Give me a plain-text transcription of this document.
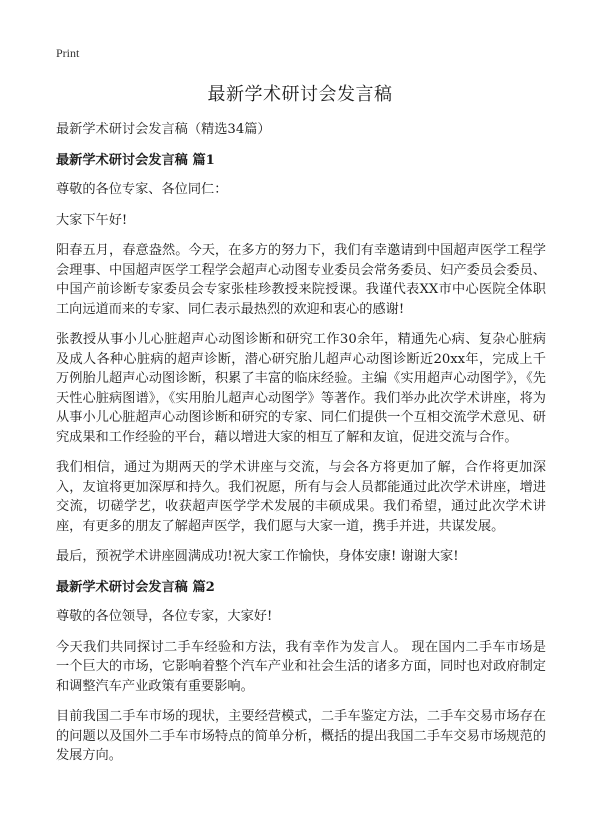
Print
最新学术研讨会发言稿

最新学术研讨会发言稿（精选34篇）

最新学术研讨会发言稿 篇1

尊敬的各位专家、各位同仁：

大家下午好!

阳春五月，春意盎然。今天，在多方的努力下，我们有幸邀请到中国超声医学工程学会理事、中国超声医学工程学会超声心动图专业委员会常务委员、妇产委员会委员、中国产前诊断专家委员会专家张桂珍教授来院授课。我谨代表XX市中心医院全体职工向远道而来的专家、同仁表示最热烈的欢迎和衷心的感谢!

张教授从事小儿心脏超声心动图诊断和研究工作30余年，精通先心病、复杂心脏病及成人各种心脏病的超声诊断，潜心研究胎儿超声心动图诊断近20xx年，完成上千万例胎儿超声心动图诊断，积累了丰富的临床经验。主编《实用超声心动图学》，《先天性心脏病图谱》，《实用胎儿超声心动图学》等著作。我们举办此次学术讲座，将为从事小儿心脏超声心动图诊断和研究的专家、同仁们提供一个互相交流学术意见、研究成果和工作经验的平台，藉以增进大家的相互了解和友谊，促进交流与合作。

我们相信，通过为期两天的学术讲座与交流，与会各方将更加了解，合作将更加深入，友谊将更加深厚和持久。我们祝愿，所有与会人员都能通过此次学术讲座，增进交流，切磋学艺，收获超声医学学术发展的丰硕成果。我们希望，通过此次学术讲座，有更多的朋友了解超声医学，我们愿与大家一道，携手并进，共谋发展。

最后，预祝学术讲座圆满成功!祝大家工作愉快，身体安康! 谢谢大家!

最新学术研讨会发言稿 篇2

尊敬的各位领导，各位专家，大家好!

今天我们共同探讨二手车经验和方法，我有幸作为发言人。 现在国内二手车市场是一个巨大的市场，它影响着整个汽车产业和社会生活的诸多方面，同时也对政府制定和调整汽车产业政策有重要影响。

目前我国二手车市场的现状，主要经营模式，二手车鉴定方法，二手车交易市场存在的问题以及国外二手车市场特点的简单分析，概括的提出我国二手车交易市场规范的发展方向。
